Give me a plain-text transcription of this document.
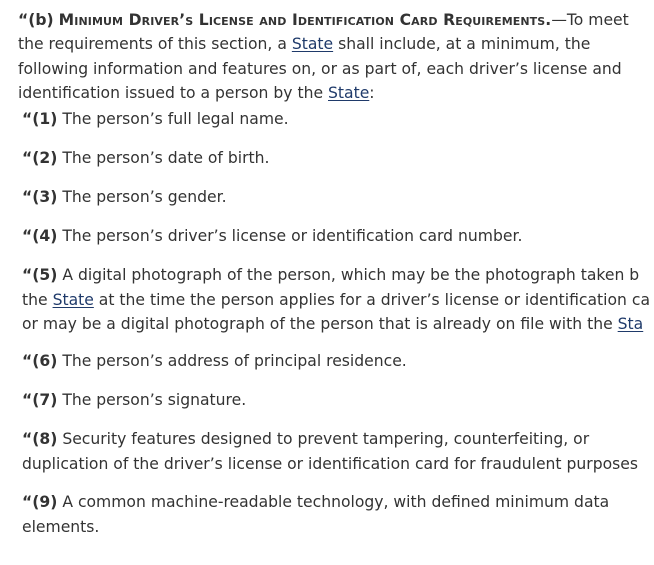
“(b) Minimum Driver’s License and Identification Card Requirements.—To meet the requirements of this section, a State shall include, at a minimum, the following information and features on, or as part of, each driver’s license and identification issued to a person by the State:

“(1) The person’s full legal name.
“(2) The person’s date of birth.
“(3) The person’s gender.
“(4) The person’s driver’s license or identification card number.
“(5) A digital photograph of the person, which may be the photograph taken b
the State at the time the person applies for a driver’s license or identification ca
or may be a digital photograph of the person that is already on file with the Sta
“(6) The person’s address of principal residence.
“(7) The person’s signature.
“(8) Security features designed to prevent tampering, counterfeiting, or
duplication of the driver’s license or identification card for fraudulent purposes
“(9) A common machine-readable technology, with defined minimum data
elements.
